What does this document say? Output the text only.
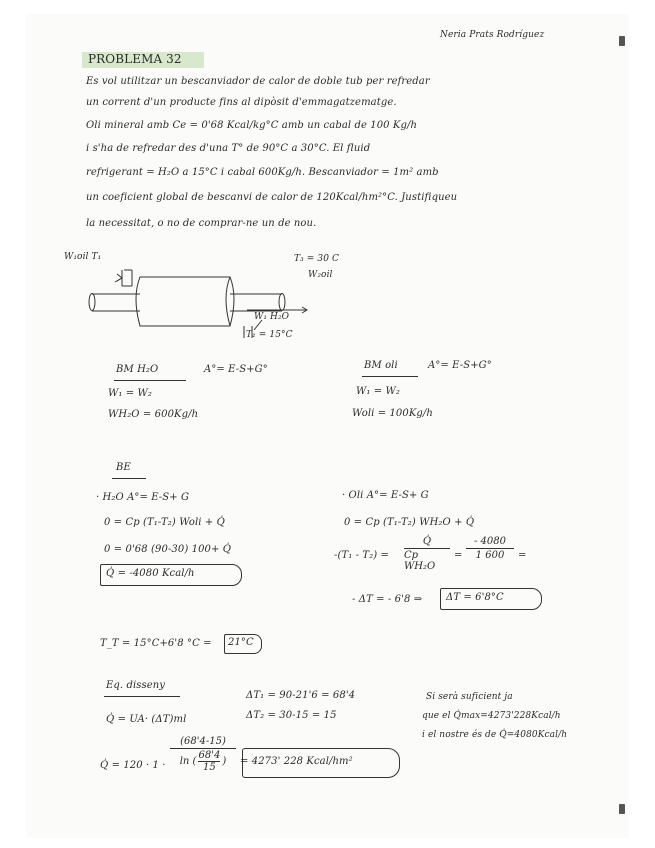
Neria Prats Rodríguez
PROBLEMA 32
Es vol utilitzar un bescanviador de calor de doble tub per refredar
un corrent d'un producte fins al dipòsit d'emmagatzematge.
Oli mineral amb Ce = 0'68 Kcal/kg°C amb un cabal de 100 Kg/h
i s'ha de refredar des d'una T° de 90°C a 30°C. El fluid
refrigerant = H₂O a 15°C i cabal 600Kg/h. Bescanviador = 1m² amb
un coeficient global de bescanvi de calor de 120Kcal/hm²°C. Justifiqueu
la necessitat, o no de comprar-ne un de nou.
W₁oil T₁	T₃ = 30 C
W₂oil
W₁ H₂O
T₁ = 15°C
BM H₂O	A°= E-S+G°
W₁ = W₂
WH₂O = 600Kg/h
BM oli	A°= E-S+G°
W₁ = W₂
Woli = 100Kg/h
BE
· H₂O A°= E-S+ G
0 = Cp (T₁-T₂) Woli + Q̇
0 = 0'68 (90-30) 100+ Q̇
Q̇ = -4080 Kcal/h
· Oli A°= E-S+ G
0 = Cp (T₁-T₂) WH₂O + Q̇
-(T₁ - T₂) =
Q̇
Cp WH₂O
=
- 4080
1 600 =
- ΔT = - 6'8 ⇒ ΔT = 6'8°C
T_T = 15°C+6'8 °C = 21°C
Eq. disseny
Q̇ = UA· (ΔT)ml
ΔT₁ = 90-21'6 = 68'4
ΔT₂ = 30-15 = 15
Si serà suficient ja
que el Q̇max=4273'228Kcal/h
i el nostre és de Q̇=4080Kcal/h
Q̇ = 120 · 1 ·
(68'4-15)
ln (
68'4
15
) = 4273' 228 Kcal/hm²
